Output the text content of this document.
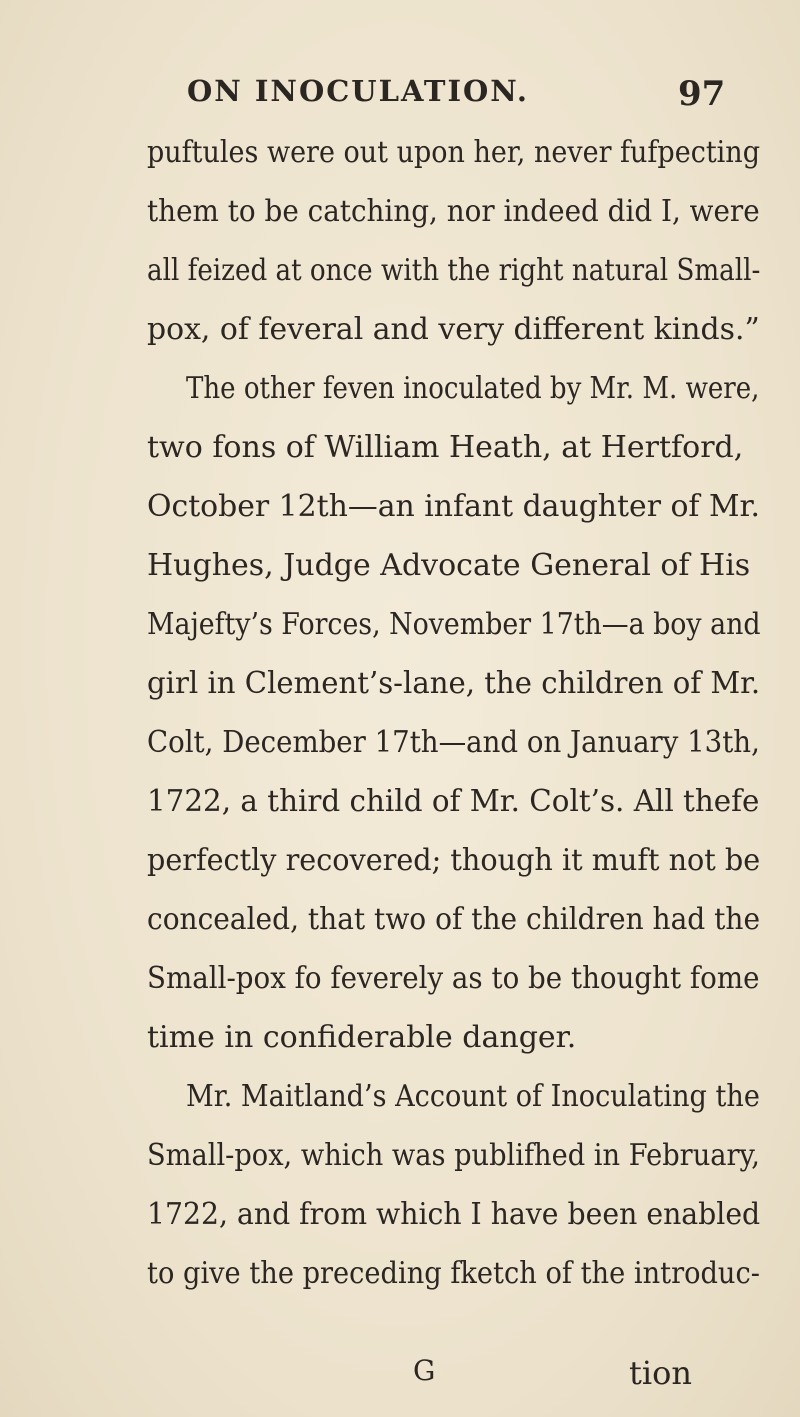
ON INOCULATION.	97
puftules were out upon her, never fufpecting
them to be catching, nor indeed did I, were
all feized at once with the right natural Small-
pox, of feveral and very different kinds.”
The other feven inoculated by Mr. M. were,
two fons of William Heath, at Hertford,
October 12th—an infant daughter of Mr.
Hughes, Judge Advocate General of His
Majefty’s Forces, November 17th—a boy and
girl in Clement’s-lane, the children of Mr.
Colt, December 17th—and on January 13th,
1722, a third child of Mr. Colt’s. All thefe
perfectly recovered; though it muft not be
concealed, that two of the children had the
Small-pox fo feverely as to be thought fome
time in confiderable danger.
Mr. Maitland’s Account of Inoculating the
Small-pox, which was publifhed in February,
1722, and from which I have been enabled
to give the preceding fketch of the introduc-
G	tion
